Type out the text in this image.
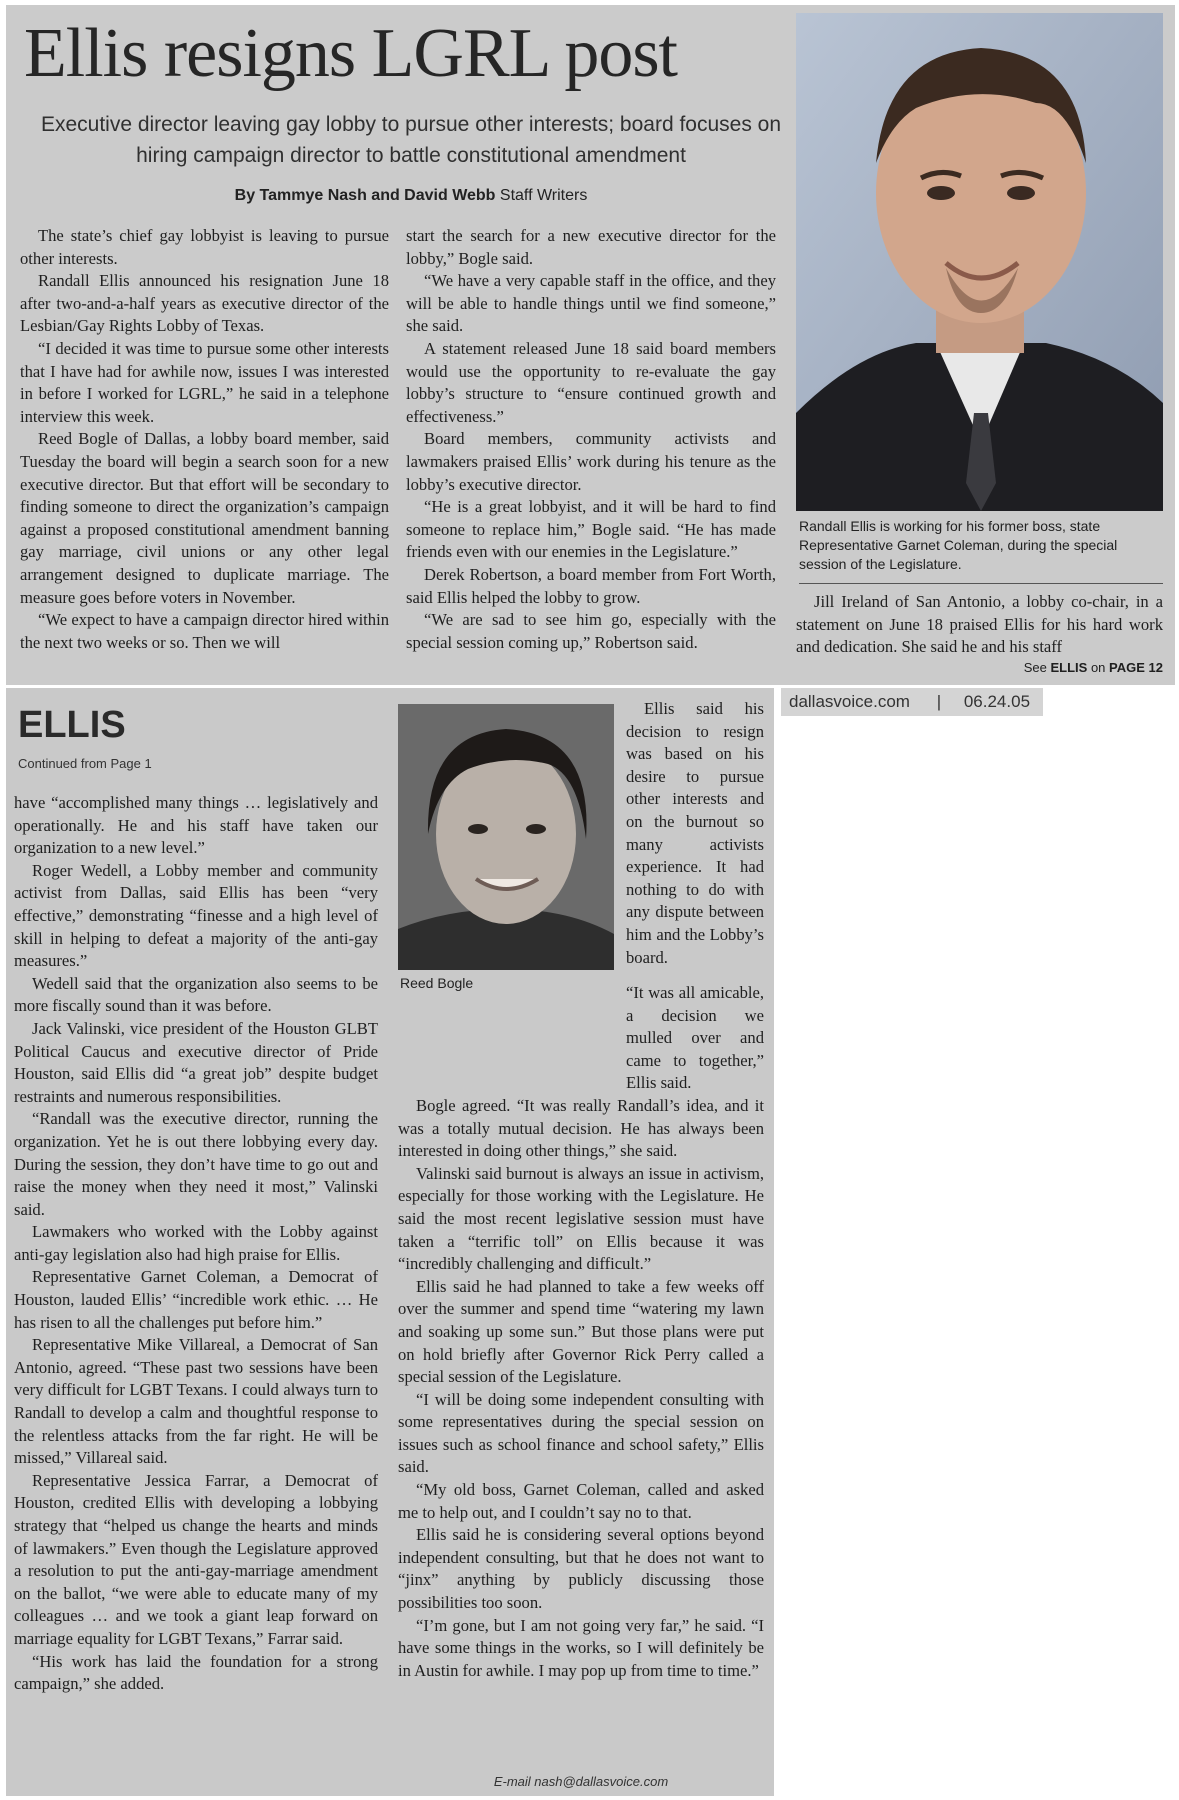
Ellis resigns LGRL post
Executive director leaving gay lobby to pursue other interests; board focuses on hiring campaign director to battle constitutional amendment
By Tammye Nash and David Webb Staff Writers

The state’s chief gay lobbyist is leaving to pursue other interests.

Randall Ellis announced his resignation June 18 after two-and-a-half years as executive director of the Lesbian/Gay Rights Lobby of Texas.

“I decided it was time to pursue some other interests that I have had for awhile now, issues I was interested in before I worked for LGRL,” he said in a telephone interview this week.

Reed Bogle of Dallas, a lobby board member, said Tuesday the board will begin a search soon for a new executive director. But that effort will be secondary to finding someone to direct the organization’s campaign against a proposed constitutional amendment banning gay marriage, civil unions or any other legal arrangement designed to duplicate marriage. The measure goes before voters in November.

“We expect to have a campaign director hired within the next two weeks or so. Then we will

start the search for a new executive director for the lobby,” Bogle said.

“We have a very capable staff in the office, and they will be able to handle things until we find someone,” she said.

A statement released June 18 said board members would use the opportunity to re-evaluate the gay lobby’s structure to “ensure continued growth and effectiveness.”

Board members, community activists and lawmakers praised Ellis’ work during his tenure as the lobby’s executive director.

“He is a great lobbyist, and it will be hard to find someone to replace him,” Bogle said. “He has made friends even with our enemies in the Legislature.”

Derek Robertson, a board member from Fort Worth, said Ellis helped the lobby to grow.

“We are sad to see him go, especially with the special session coming up,” Robertson said.

Randall Ellis is working for his former boss, state Representative Garnet Coleman, during the special session of the Legislature.

Jill Ireland of San Antonio, a lobby co-chair, in a statement on June 18 praised Ellis for his hard work and dedication. She said he and his staff

See ELLIS on PAGE 12
dallasvoice.com | 06.24.05
ELLIS
Continued from Page 1

have “accomplished many things … legislatively and operationally. He and his staff have taken our organization to a new level.”

Roger Wedell, a Lobby member and community activist from Dallas, said Ellis has been “very effective,” demonstrating “finesse and a high level of skill in helping to defeat a majority of the anti-gay measures.”

Wedell said that the organization also seems to be more fiscally sound than it was before.

Jack Valinski, vice president of the Houston GLBT Political Caucus and executive director of Pride Houston, said Ellis did “a great job” despite budget restraints and numerous responsibilities.

“Randall was the executive director, running the organization. Yet he is out there lobbying every day. During the session, they don’t have time to go out and raise the money when they need it most,” Valinski said.

Lawmakers who worked with the Lobby against anti-gay legislation also had high praise for Ellis.

Representative Garnet Coleman, a Democrat of Houston, lauded Ellis’ “incredible work ethic. … He has risen to all the challenges put before him.”

Representative Mike Villareal, a Democrat of San Antonio, agreed. “These past two sessions have been very difficult for LGBT Texans. I could always turn to Randall to develop a calm and thoughtful response to the relentless attacks from the far right. He will be missed,” Villareal said.

Representative Jessica Farrar, a Democrat of Houston, credited Ellis with developing a lobbying strategy that “helped us change the hearts and minds of lawmakers.” Even though the Legislature approved a resolution to put the anti-gay-marriage amendment on the ballot, “we were able to educate many of my colleagues … and we took a giant leap forward on marriage equality for LGBT Texans,” Farrar said.

“His work has laid the foundation for a strong campaign,” she added.

Reed Bogle

Ellis said his decision to resign was based on his desire to pursue other interests and on the burnout so many activists experience. It had nothing to do with any dispute between him and the Lobby’s board.

“It was all amicable, a decision we mulled over and came to together,” Ellis said.

Bogle agreed. “It was really Randall’s idea, and it was a totally mutual decision. He has always been interested in doing other things,” she said.

Valinski said burnout is always an issue in activism, especially for those working with the Legislature. He said the most recent legislative session must have taken a “terrific toll” on Ellis because it was “incredibly challenging and difficult.”

Ellis said he had planned to take a few weeks off over the summer and spend time “watering my lawn and soaking up some sun.” But those plans were put on hold briefly after Governor Rick Perry called a special session of the Legislature.

“I will be doing some independent consulting with some representatives during the special session on issues such as school finance and school safety,” Ellis said.

“My old boss, Garnet Coleman, called and asked me to help out, and I couldn’t say no to that.

Ellis said he is considering several options beyond independent consulting, but that he does not want to “jinx” anything by publicly discussing those possibilities too soon.

“I’m gone, but I am not going very far,” he said. “I have some things in the works, so I will definitely be in Austin for awhile. I may pop up from time to time.”

E-mail nash@dallasvoice.com
